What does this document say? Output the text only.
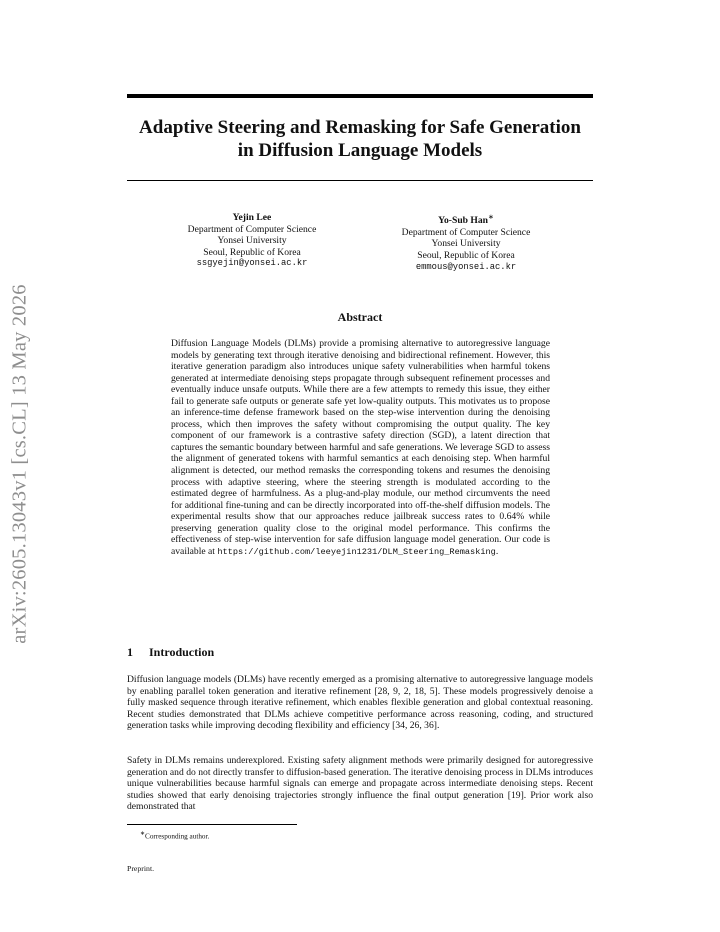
arXiv:2605.13043v1 [cs.CL] 13 May 2026
Adaptive Steering and Remasking for Safe Generation
in Diffusion Language Models
Yejin Lee
Department of Computer Science
Yonsei University
Seoul, Republic of Korea
ssgyejin@yonsei.ac.kr
Yo-Sub Han∗
Department of Computer Science
Yonsei University
Seoul, Republic of Korea
emmous@yonsei.ac.kr
Abstract
Diffusion Language Models (DLMs) provide a promising alternative to autoregressive language models by generating text through iterative denoising and bidirectional refinement. However, this iterative generation paradigm also introduces unique safety vulnerabilities when harmful tokens generated at intermediate denoising steps propagate through subsequent refinement processes and eventually induce unsafe outputs. While there are a few attempts to remedy this issue, they either fail to generate safe outputs or generate safe yet low-quality outputs. This motivates us to propose an inference-time defense framework based on the step-wise intervention during the denoising process, which then improves the safety without compromising the output quality. The key component of our framework is a contrastive safety direction (SGD), a latent direction that captures the semantic boundary between harmful and safe generations. We leverage SGD to assess the alignment of generated tokens with harmful semantics at each denoising step. When harmful alignment is detected, our method remasks the corresponding tokens and resumes the denoising process with adaptive steering, where the steering strength is modulated according to the estimated degree of harmfulness. As a plug-and-play module, our method circumvents the need for additional fine-tuning and can be directly incorporated into off-the-shelf diffusion models. The experimental results show that our approaches reduce jailbreak success rates to 0.64% while preserving generation quality close to the original model performance. This confirms the effectiveness of step-wise intervention for safe diffusion language model generation. Our code is available at https://github.com/leeyejin1231/DLM_Steering_Remasking.
1 Introduction
Diffusion language models (DLMs) have recently emerged as a promising alternative to autoregressive language models by enabling parallel token generation and iterative refinement [28, 9, 2, 18, 5]. These models progressively denoise a fully masked sequence through iterative refinement, which enables flexible generation and global contextual reasoning. Recent studies demonstrated that DLMs achieve competitive performance across reasoning, coding, and structured generation tasks while improving decoding flexibility and efficiency [34, 26, 36].
Safety in DLMs remains underexplored. Existing safety alignment methods were primarily designed for autoregressive generation and do not directly transfer to diffusion-based generation. The iterative denoising process in DLMs introduces unique vulnerabilities because harmful signals can emerge and propagate across intermediate denoising steps. Recent studies showed that early denoising trajectories strongly influence the final output generation [19]. Prior work also demonstrated that
∗Corresponding author.
Preprint.
